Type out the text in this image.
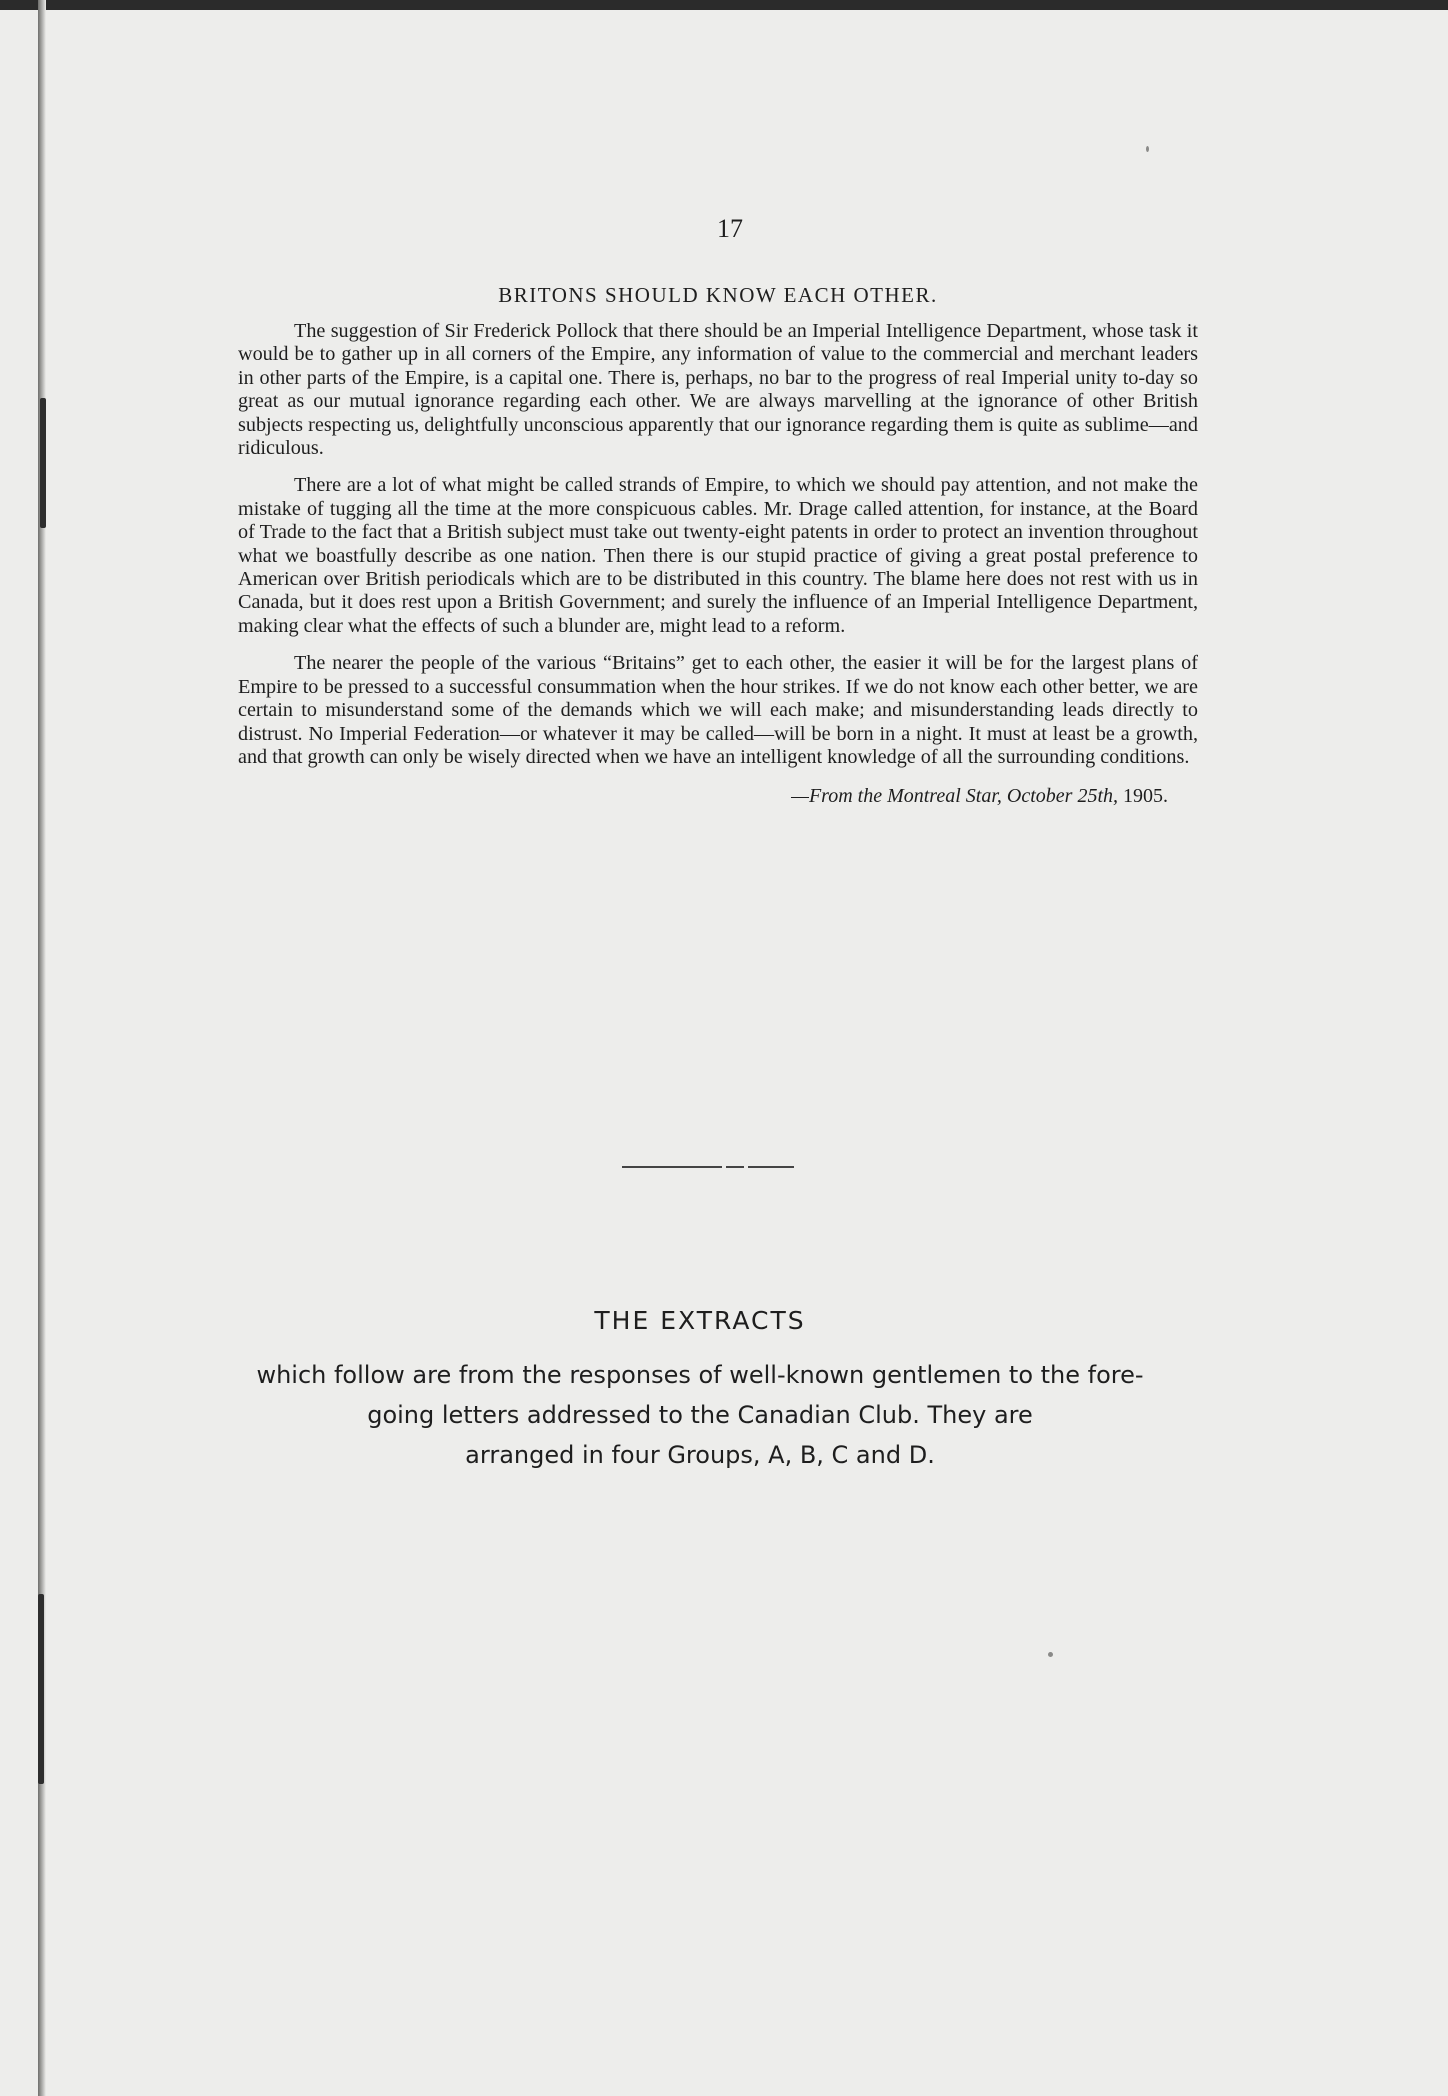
17
BRITONS SHOULD KNOW EACH OTHER.

The suggestion of Sir Frederick Pollock that there should be an Imperial Intelligence Department, whose task it would be to gather up in all corners of the Empire, any information of value to the commercial and merchant leaders in other parts of the Empire, is a capital one. There is, perhaps, no bar to the progress of real Imperial unity to-day so great as our mutual ignorance regarding each other. We are always marvelling at the ignorance of other British subjects respecting us, delightfully unconscious apparently that our ignorance regarding them is quite as sublime—and ridiculous.

There are a lot of what might be called strands of Empire, to which we should pay attention, and not make the mistake of tugging all the time at the more conspicuous cables. Mr. Drage called attention, for instance, at the Board of Trade to the fact that a British subject must take out twenty-eight patents in order to protect an invention throughout what we boastfully describe as one nation. Then there is our stupid practice of giving a great postal preference to American over British periodicals which are to be distributed in this country. The blame here does not rest with us in Canada, but it does rest upon a British Government; and surely the influence of an Imperial Intelligence Department, making clear what the effects of such a blunder are, might lead to a reform.

The nearer the people of the various “Britains” get to each other, the easier it will be for the largest plans of Empire to be pressed to a successful consummation when the hour strikes. If we do not know each other better, we are certain to misunderstand some of the demands which we will each make; and misunderstanding leads directly to distrust. No Imperial Federation—or whatever it may be called—will be born in a night. It must at least be a growth, and that growth can only be wisely directed when we have an intelligent knowledge of all the surrounding conditions.

—From the Montreal Star, October 25th, 1905.
THE EXTRACTS
which follow are from the responses of well-known gentlemen to the fore-
going letters addressed to the Canadian Club. They are
arranged in four Groups, A, B, C and D.
